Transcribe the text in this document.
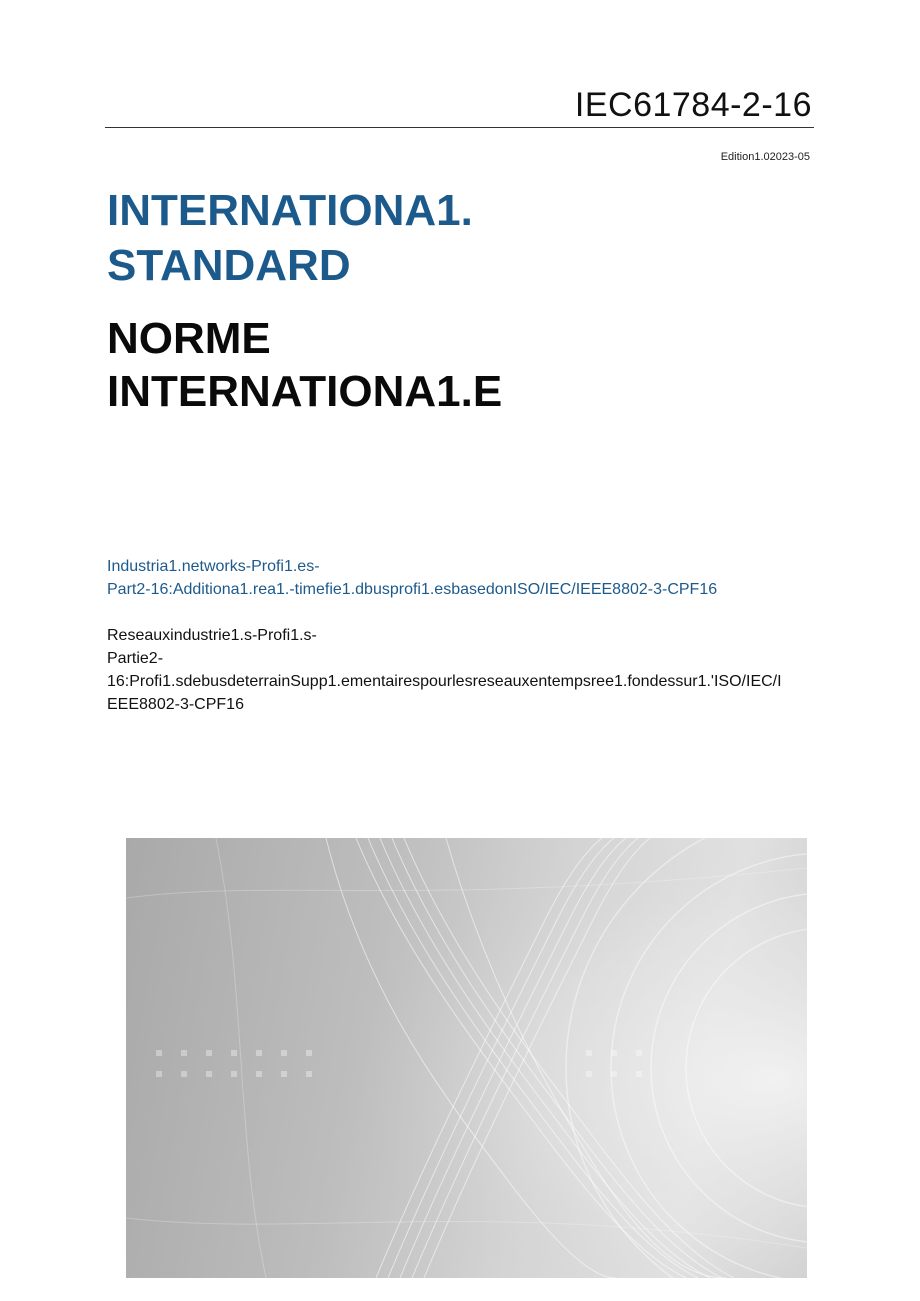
IEC61784-2-16
Edition1.02023-05
INTERNATIONA1.
STANDARD
NORME
INTERNATIONA1.E
Industria1.networks-Profi1.es-
Part2-16:Additiona1.rea1.-timefie1.dbusprofi1.esbasedonISO/IEC/IEEE8802-3-CPF16
Reseauxindustrie1.s-Profi1.s-
Partie2-
16:Profi1.sdebusdeterrainSupp1.ementairespourlesreseauxentempsree1.fondessur1.'ISO/IEC/I
EEE8802-3-CPF16
